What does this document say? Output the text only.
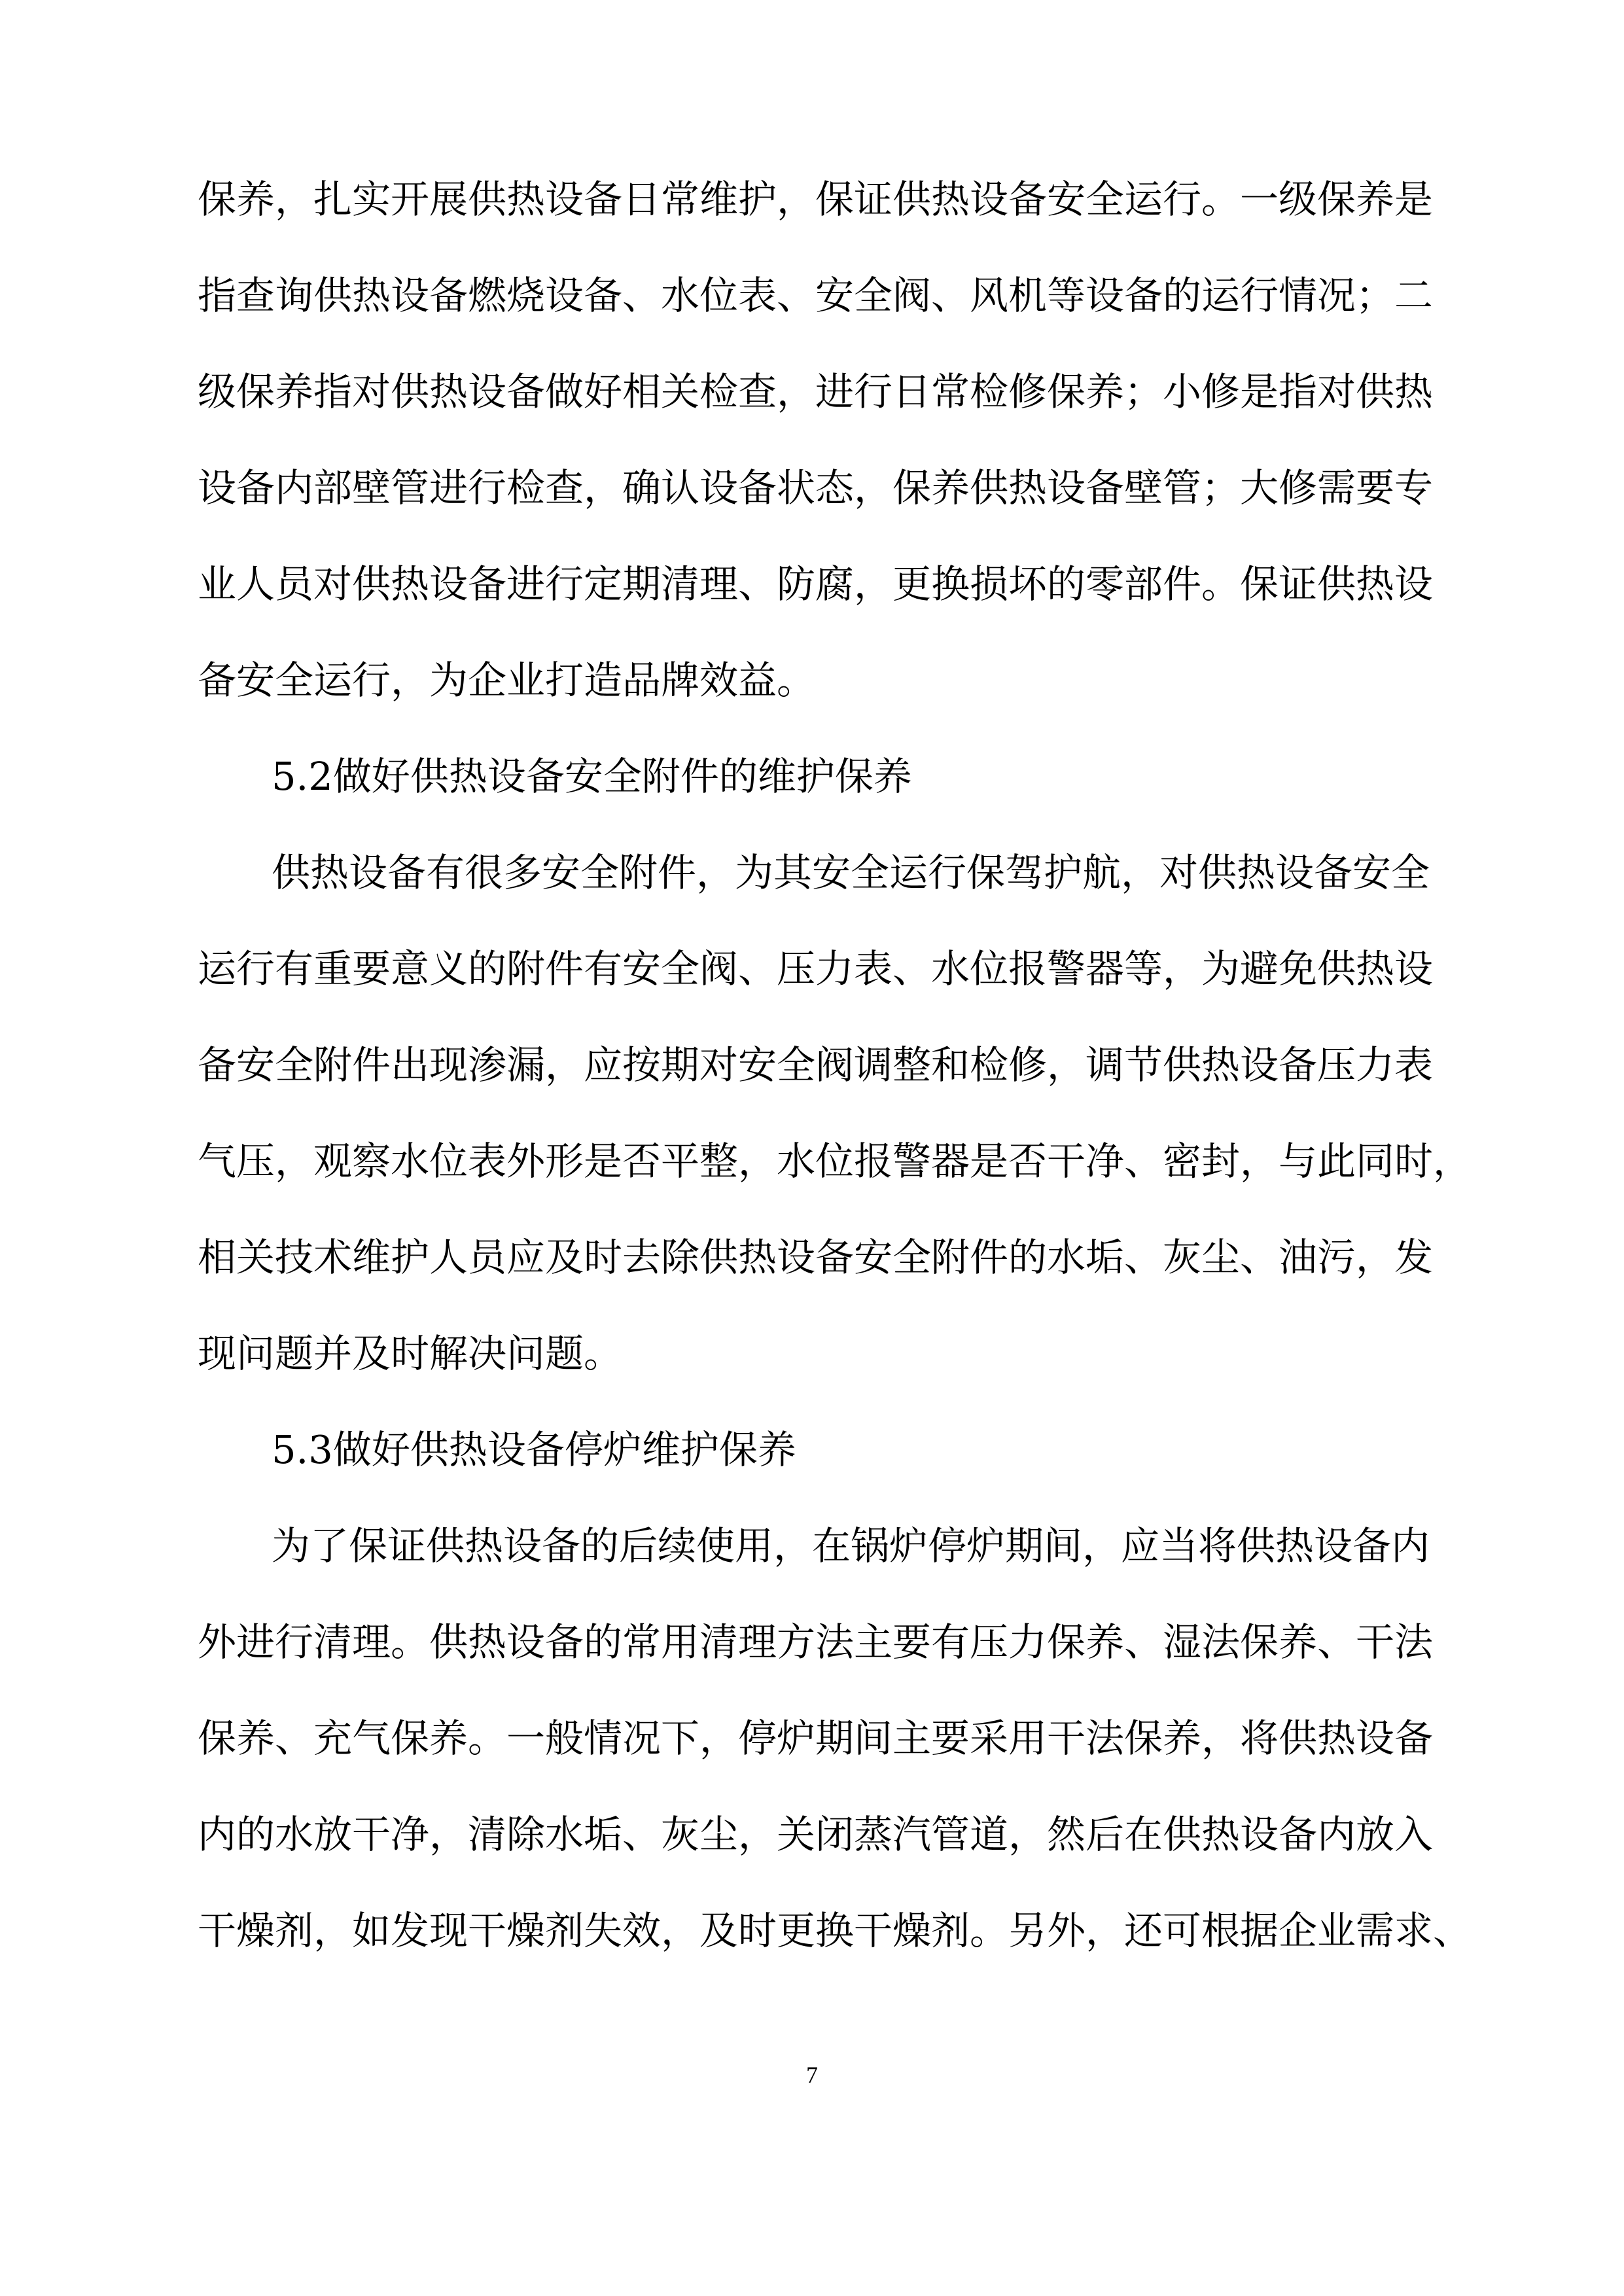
保养，扎实开展供热设备日常维护，保证供热设备安全运行。一级保养是
指查询供热设备燃烧设备、水位表、安全阀、风机等设备的运行情况；二
级保养指对供热设备做好相关检查，进行日常检修保养；小修是指对供热
设备内部壁管进行检查，确认设备状态，保养供热设备壁管；大修需要专
业人员对供热设备进行定期清理、防腐，更换损坏的零部件。保证供热设
备安全运行，为企业打造品牌效益。
5.2做好供热设备安全附件的维护保养
供热设备有很多安全附件，为其安全运行保驾护航，对供热设备安全
运行有重要意义的附件有安全阀、压力表、水位报警器等，为避免供热设
备安全附件出现渗漏，应按期对安全阀调整和检修，调节供热设备压力表
气压，观察水位表外形是否平整，水位报警器是否干净、密封，与此同时，
相关技术维护人员应及时去除供热设备安全附件的水垢、灰尘、油污，发
现问题并及时解决问题。
5.3做好供热设备停炉维护保养
为了保证供热设备的后续使用，在锅炉停炉期间，应当将供热设备内
外进行清理。供热设备的常用清理方法主要有压力保养、湿法保养、干法
保养、充气保养。一般情况下，停炉期间主要采用干法保养，将供热设备
内的水放干净，清除水垢、灰尘，关闭蒸汽管道，然后在供热设备内放入
干燥剂，如发现干燥剂失效，及时更换干燥剂。另外，还可根据企业需求、
7
